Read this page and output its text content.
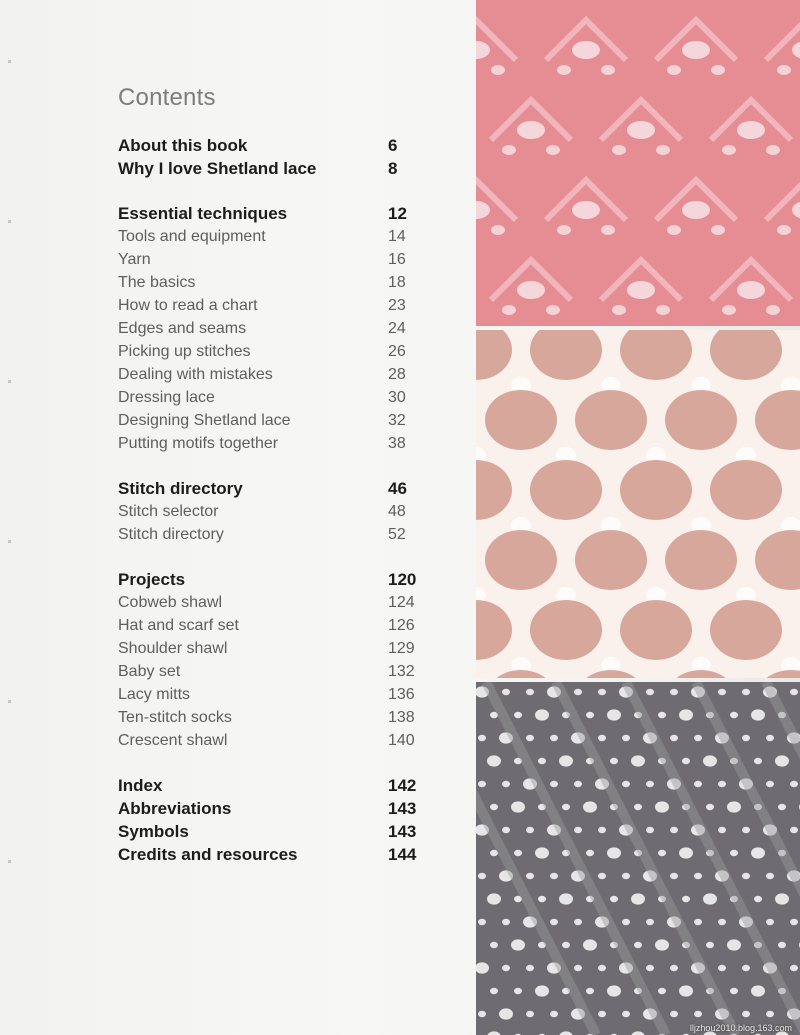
Contents
About this book	6
Why I love Shetland lace	8
Essential techniques	12
Tools and equipment	14
Yarn	16
The basics	18
How to read a chart	23
Edges and seams	24
Picking up stitches	26
Dealing with mistakes	28
Dressing lace	30
Designing Shetland lace	32
Putting motifs together	38
Stitch directory	46
Stitch selector	48
Stitch directory	52
Projects	120
Cobweb shawl	124
Hat and scarf set	126
Shoulder shawl	129
Baby set	132
Lacy mitts	136
Ten-stitch socks	138
Crescent shawl	140
Index	142
Abbreviations	143
Symbols	143
Credits and resources	144
lljzhou2010.blog.163.com
